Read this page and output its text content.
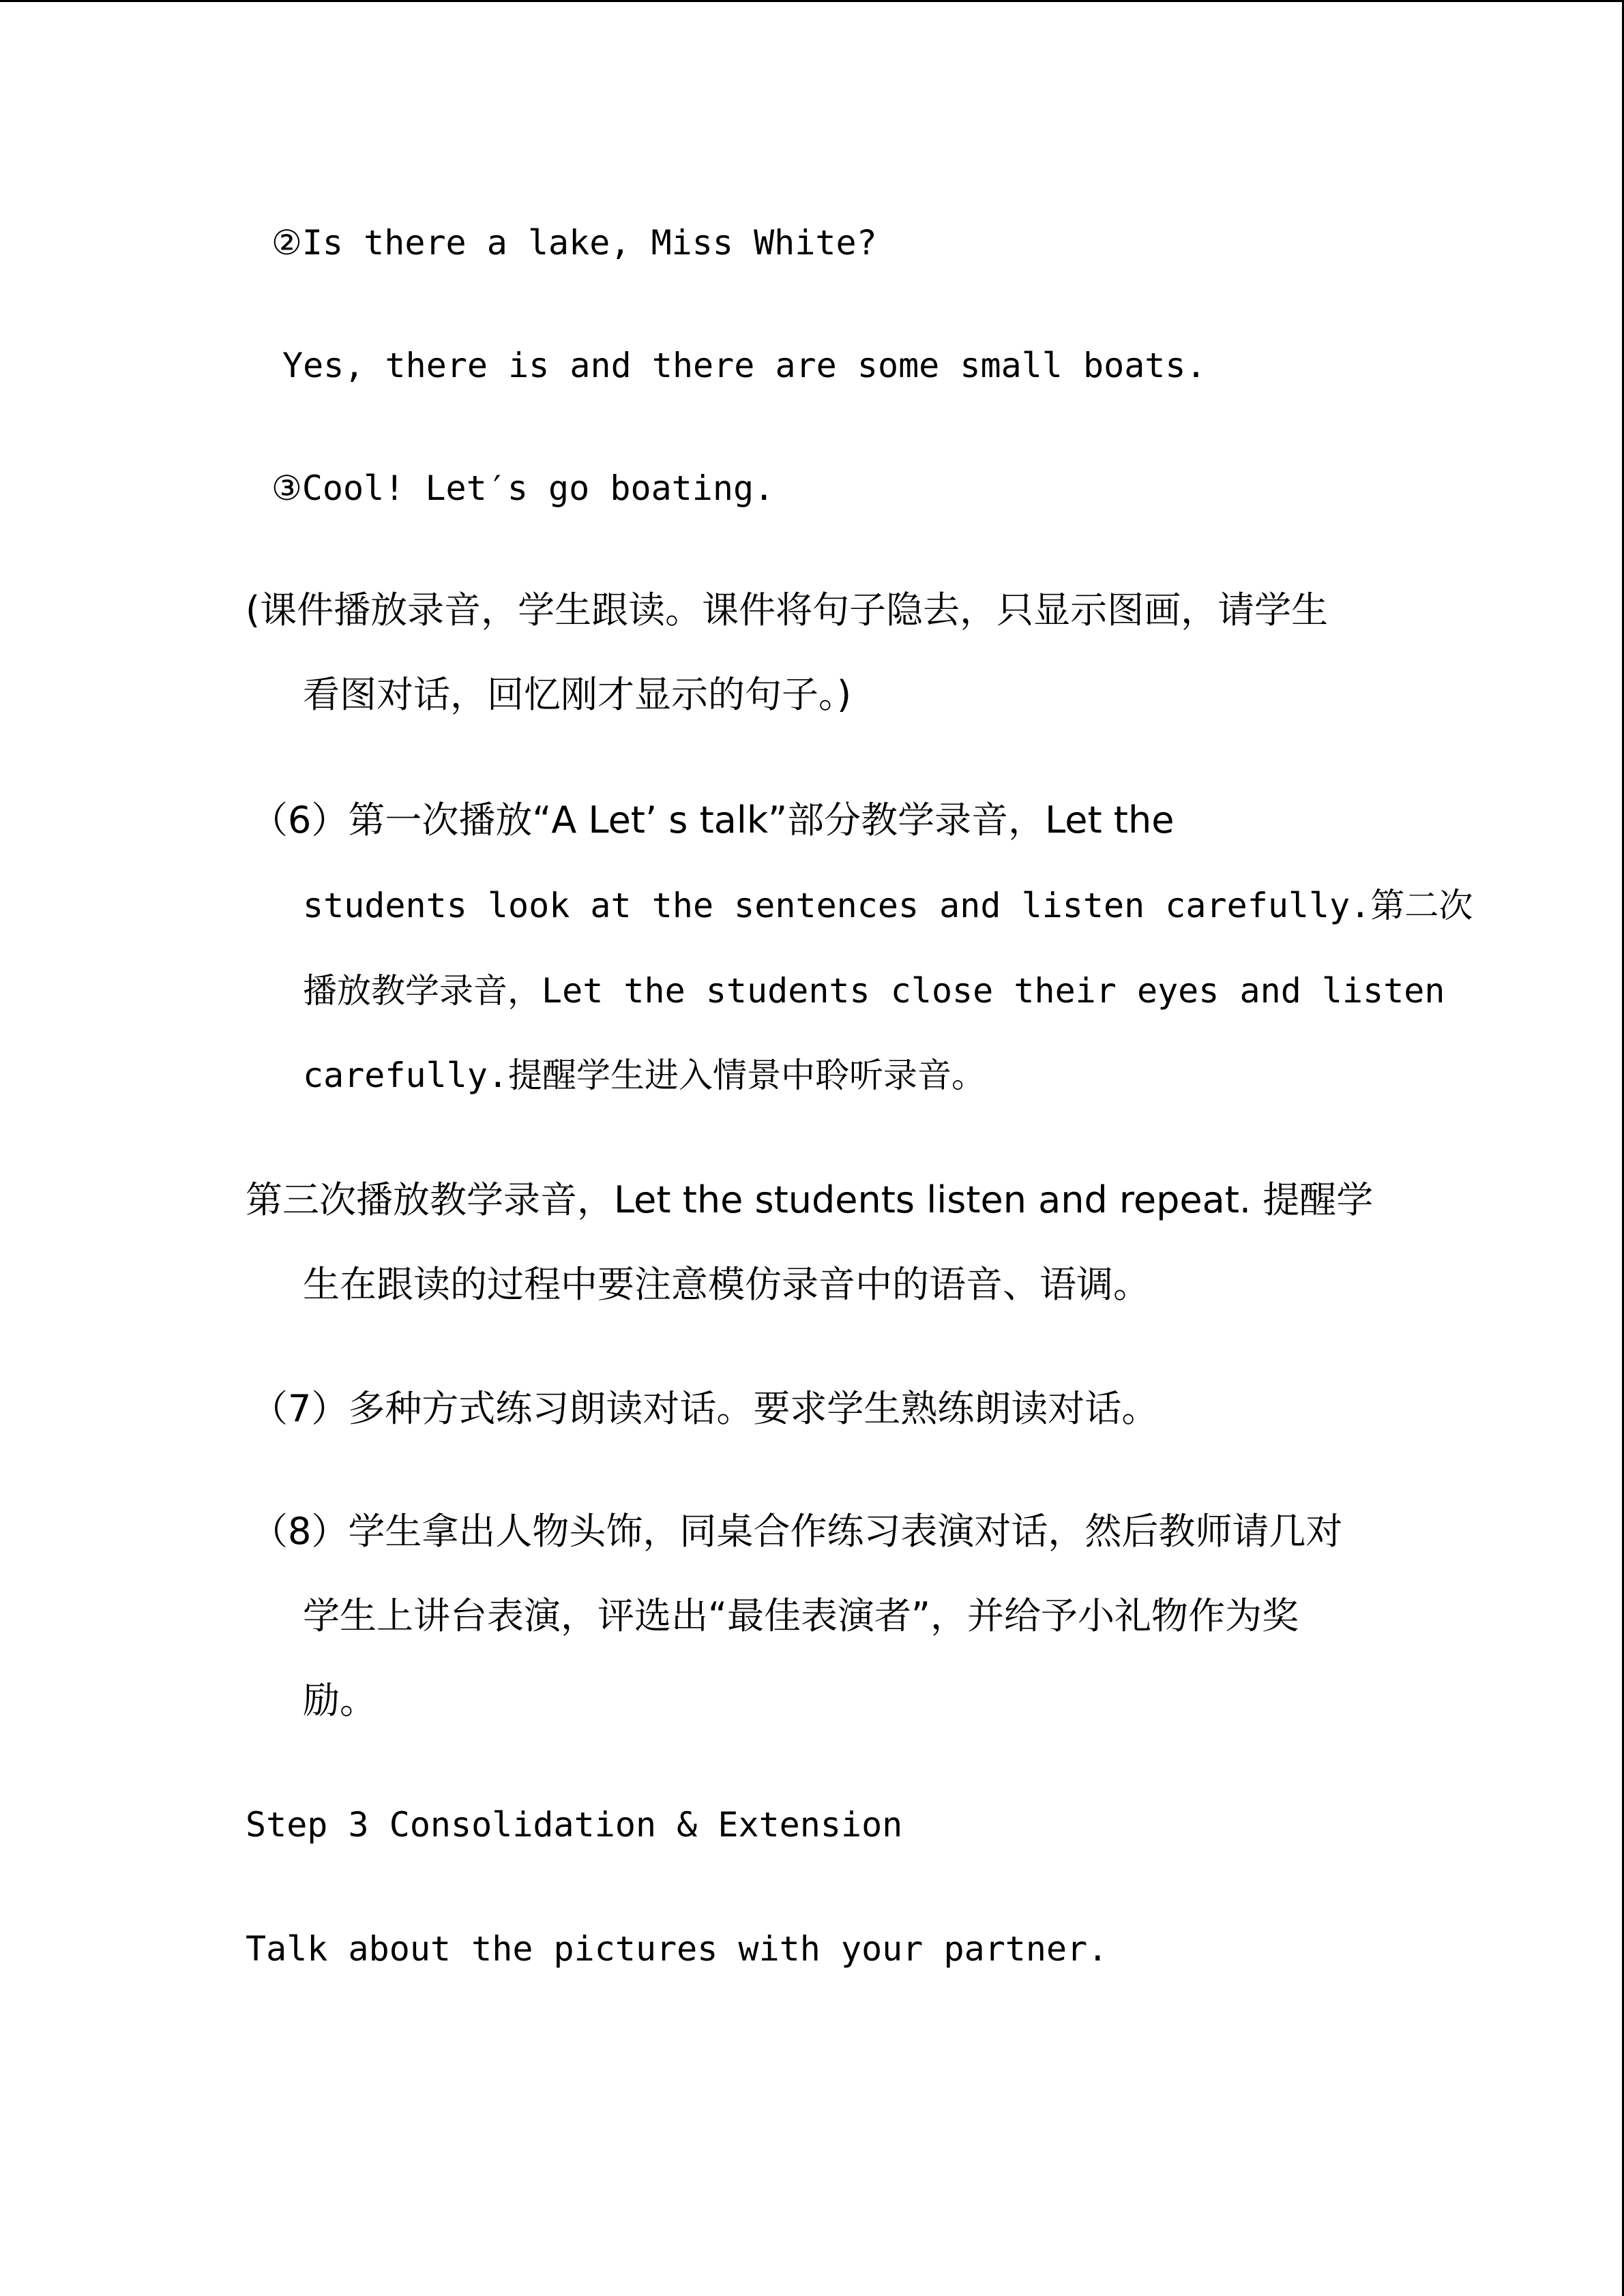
②Is there a lake, Miss White?

Yes, there is and there are some small boats.

③Cool! Let′s go boating.

(课件播放录音，学生跟读。课件将句子隐去，只显示图画，请学生

看图对话，回忆刚才显示的句子。)

（6）第一次播放“A Let’ s talk”部分教学录音，Let the

students look at the sentences and listen carefully.第二次

播放教学录音，Let the students close their eyes and listen

carefully.提醒学生进入情景中聆听录音。

第三次播放教学录音，Let the students listen and repeat. 提醒学

生在跟读的过程中要注意模仿录音中的语音、语调。

（7）多种方式练习朗读对话。要求学生熟练朗读对话。

（8）学生拿出人物头饰，同桌合作练习表演对话，然后教师请几对

学生上讲台表演，评选出“最佳表演者”，并给予小礼物作为奖

励。

Step 3 Consolidation & Extension

Talk about the pictures with your partner.
